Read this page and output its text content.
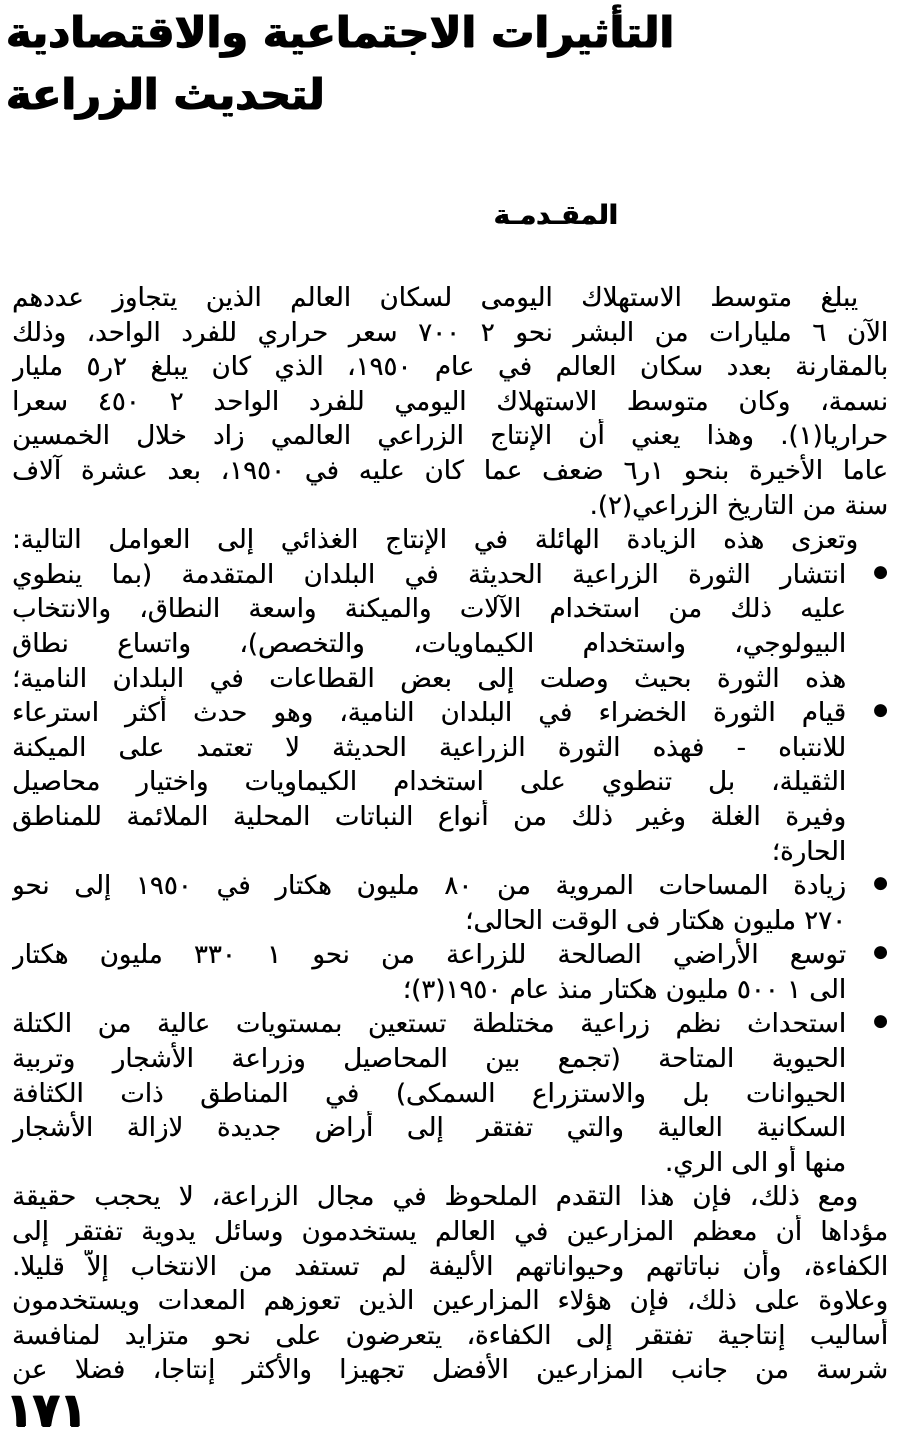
التأثيرات الاجتماعية والاقتصادية
لتحديث الزراعة
المقـدمـة
يبلغ متوسط الاستهلاك اليومى لسكان العالم الذين يتجاوز عددهم
الآن ٦ مليارات من البشر نحو ٢ ٧٠٠ سعر حراري للفرد الواحد، وذلك
بالمقارنة بعدد سكان العالم في عام ١٩٥٠، الذي كان يبلغ ٢ر٥ مليار
نسمة، وكان متوسط الاستهلاك اليومي للفرد الواحد ٢ ٤٥٠ سعرا
حراريا(١). وهذا يعني أن الإنتاج الزراعي العالمي زاد خلال الخمسين
عاما الأخيرة بنحو ١ر٦ ضعف عما كان عليه في ١٩٥٠، بعد عشرة آلاف
سنة من التاريخ الزراعي(٢).
وتعزى هذه الزيادة الهائلة في الإنتاج الغذائي إلى العوامل التالية:
●
انتشار الثورة الزراعية الحديثة في البلدان المتقدمة (بما ينطوي
عليه ذلك من استخدام الآلات والميكنة واسعة النطاق، والانتخاب
البيولوجي، واستخدام الكيماويات، والتخصص)، واتساع نطاق
هذه الثورة بحيث وصلت إلى بعض القطاعات في البلدان النامية؛
●
قيام الثورة الخضراء في البلدان النامية، وهو حدث أكثر استرعاء
للانتباه - فهذه الثورة الزراعية الحديثة لا تعتمد على الميكنة
الثقيلة، بل تنطوي على استخدام الكيماويات واختيار محاصيل
وفيرة الغلة وغير ذلك من أنواع النباتات المحلية الملائمة للمناطق
الحارة؛
●
زيادة المساحات المروية من ٨٠ مليون هكتار في ١٩٥٠ إلى نحو
٢٧٠ مليون هكتار فى الوقت الحالى؛
●
توسع الأراضي الصالحة للزراعة من نحو ١ ٣٣٠ مليون هكتار
الى ١ ٥٠٠ مليون هكتار منذ عام ١٩٥٠(٣)؛
●
استحداث نظم زراعية مختلطة تستعين بمستويات عالية من الكتلة
الحيوية المتاحة (تجمع بين المحاصيل وزراعة الأشجار وتربية
الحيوانات بل والاستزراع السمكى) في المناطق ذات الكثافة
السكانية العالية والتي تفتقر إلى أراض جديدة لازالة الأشجار
منها أو الى الري.
ومع ذلك، فإن هذا التقدم الملحوظ في مجال الزراعة، لا يحجب حقيقة
مؤداها أن معظم المزارعين في العالم يستخدمون وسائل يدوية تفتقر إلى
الكفاءة، وأن نباتاتهم وحيواناتهم الأليفة لم تستفد من الانتخاب إلاّ قليلا.
وعلاوة على ذلك، فإن هؤلاء المزارعين الذين تعوزهم المعدات ويستخدمون
أساليب إنتاجية تفتقر إلى الكفاءة، يتعرضون على نحو متزايد لمنافسة
شرسة من جانب المزارعين الأفضل تجهيزا والأكثر إنتاجا، فضلا عن
١٧١
